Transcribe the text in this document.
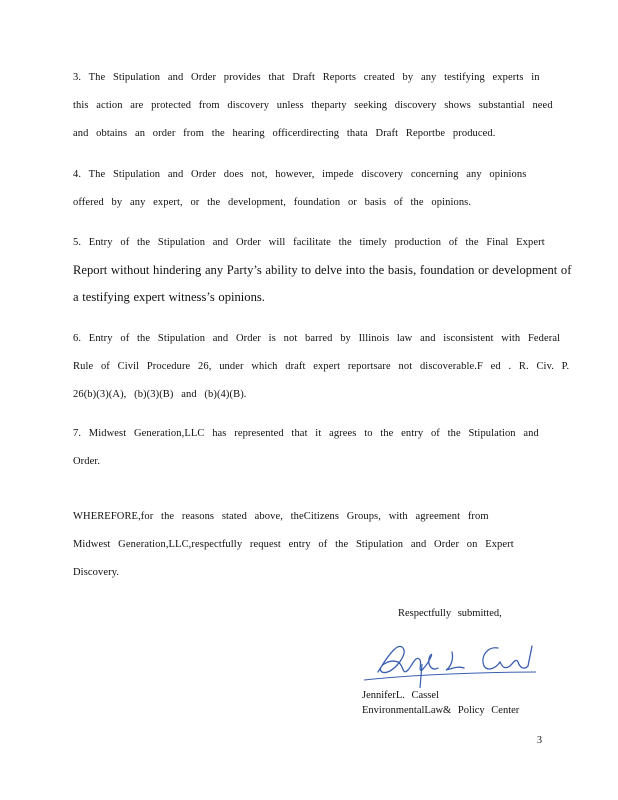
3. The Stipulation and Order provides that Draft Reports created by any testifying experts in
this action are protected from discovery unless theparty seeking discovery shows substantial need
and obtains an order from the hearing officerdirecting thata Draft Reportbe produced.
4. The Stipulation and Order does not, however, impede discovery concerning any opinions
offered by any expert, or the development, foundation or basis of the opinions.
5. Entry of the Stipulation and Order will facilitate the timely production of the Final Expert
Report without hindering any Party’s ability to delve into the basis, foundation or development of
a testifying expert witness’s opinions.
6. Entry of the Stipulation and Order is not barred by Illinois law and isconsistent with Federal
Rule of Civil Procedure 26, under which draft expert reportsare not discoverable.F ed . R. Civ. P.
26(b)(3)(A), (b)(3)(B) and (b)(4)(B).
7. Midwest Generation,LLC has represented that it agrees to the entry of the Stipulation and
Order.
WHEREFORE,for the reasons stated above, theCitizens Groups, with agreement from
Midwest Generation,LLC,respectfully request entry of the Stipulation and Order on Expert
Discovery.
Respectfully submitted,
JenniferL. Cassel
EnvironmentalLaw& Policy Center
3
